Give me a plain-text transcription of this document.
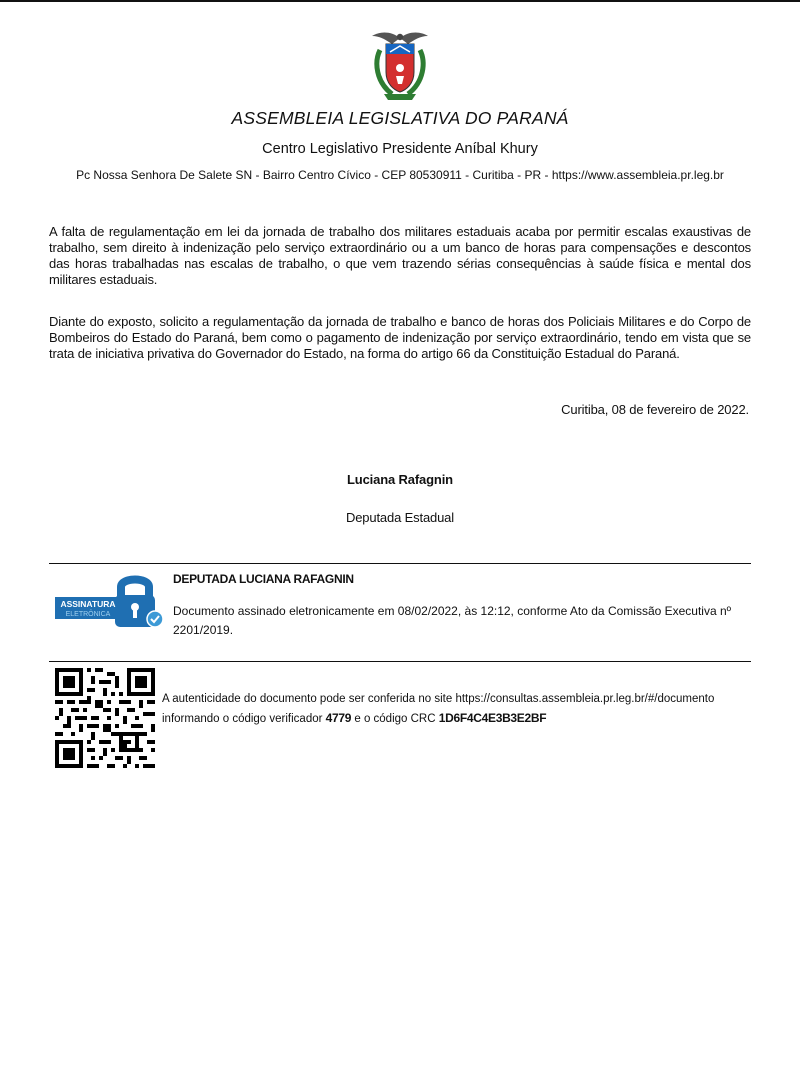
ASSEMBLEIA LEGISLATIVA DO PARANÁ
Centro Legislativo Presidente Aníbal Khury
Pc Nossa Senhora De Salete SN - Bairro Centro Cívico - CEP 80530911 - Curitiba - PR - https://www.assembleia.pr.leg.br

A falta de regulamentação em lei da jornada de trabalho dos militares estaduais acaba por permitir escalas exaustivas de trabalho, sem direito à indenização pelo serviço extraordinário ou a um banco de horas para compensações e descontos das horas trabalhadas nas escalas de trabalho, o que vem trazendo sérias consequências à saúde física e mental dos militares estaduais.

Diante do exposto, solicito a regulamentação da jornada de trabalho e banco de horas dos Policiais Militares e do Corpo de Bombeiros do Estado do Paraná, bem como o pagamento de indenização por serviço extraordinário, tendo em vista que se trata de iniciativa privativa do Governador do Estado, na forma do artigo 66 da Constituição Estadual do Paraná.

Curitiba, 08 de fevereiro de 2022.
Luciana Rafagnin
Deputada Estadual
ASSINATURA
ELETRÔNICA
DEPUTADA LUCIANA RAFAGNIN
Documento assinado eletronicamente em 08/02/2022, às 12:12, conforme Ato da Comissão Executiva nº 2201/2019.
A autenticidade do documento pode ser conferida no site https://consultas.assembleia.pr.leg.br/#/documento informando o código verificador 4779 e o código CRC 1D6F4C4E3B3E2BF
